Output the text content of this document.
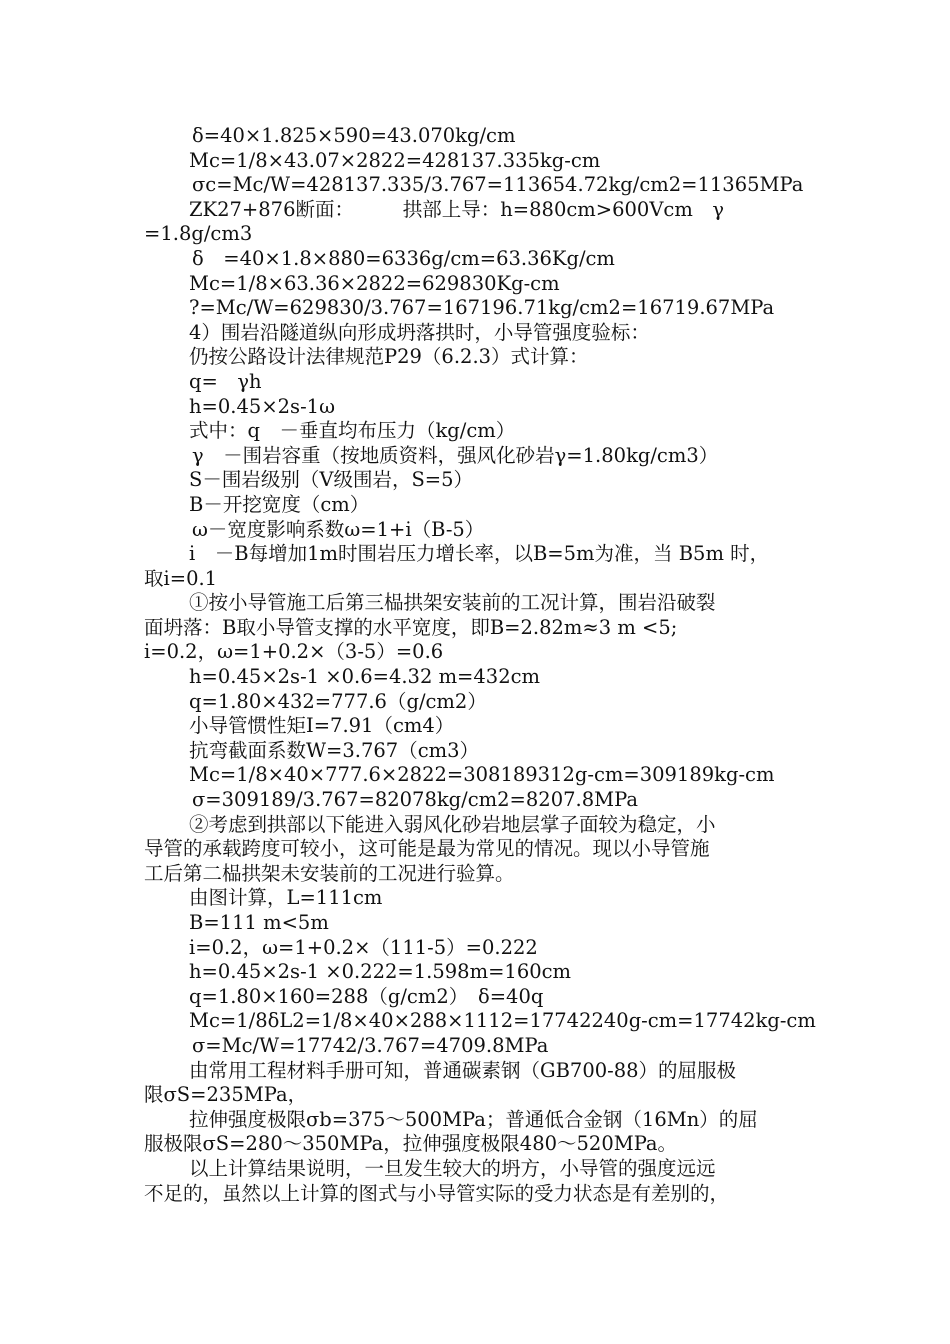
δ=40×1.825×590=43.070kg/cm
Mc=1/8×43.07×2822=428137.335kg-cm
σc=Mc/W=428137.335/3.767=113654.72kg/cm2=11365MPa
ZK27+876断面：　　　拱部上导：h=880cm>600Vcm　γ
=1.8g/cm3
δ　=40×1.8×880=6336g/cm=63.36Kg/cm
Mc=1/8×63.36×2822=629830Kg-cm
?=Mc/W=629830/3.767=167196.71kg/cm2=16719.67MPa
4）围岩沿隧道纵向形成坍落拱时，小导管强度验标：
仍按公路设计法律规范P29（6.2.3）式计算：
q=　γh
h=0.45×2s-1ω
式中：q　－垂直均布压力（kg/cm）
γ　－围岩容重（按地质资料，强风化砂岩γ=1.80kg/cm3）
S－围岩级别（Ⅴ级围岩，S=5）
B－开挖宽度（cm）
ω－宽度影响系数ω=1+i（B-5）
i　－B每增加1m时围岩压力增长率，以B=5m为准，当 B5m 时，
取i=0.1
①按小导管施工后第三榀拱架安装前的工况计算，围岩沿破裂
面坍落：B取小导管支撑的水平宽度，即B=2.82m≈3 m <5;
i=0.2，ω=1+0.2×（3-5）=0.6
h=0.45×2s-1 ×0.6=4.32 m=432cm
q=1.80×432=777.6（g/cm2）
小导管惯性矩I=7.91（cm4）
抗弯截面系数W=3.767（cm3）
Mc=1/8×40×777.6×2822=308189312g-cm=309189kg-cm
σ=309189/3.767=82078kg/cm2=8207.8MPa
②考虑到拱部以下能进入弱风化砂岩地层掌子面较为稳定，小
导管的承载跨度可较小，这可能是最为常见的情况。现以小导管施
工后第二榀拱架未安装前的工况进行验算。
由图计算，L=111cm
B=111 m<5m
i=0.2，ω=1+0.2×（111-5）=0.222
h=0.45×2s-1 ×0.222=1.598m=160cm
q=1.80×160=288（g/cm2）　δ=40q
Mc=1/8δL2=1/8×40×288×1112=17742240g-cm=17742kg-cm
σ=Mc/W=17742/3.767=4709.8MPa
由常用工程材料手册可知，普通碳素钢（GB700-88）的屈服极
限σS=235MPa，
拉伸强度极限σb=375～500MPa；普通低合金钢（16Mn）的屈
服极限σS=280～350MPa，拉伸强度极限480～520MPa。
以上计算结果说明，一旦发生较大的坍方，小导管的强度远远
不足的，虽然以上计算的图式与小导管实际的受力状态是有差别的，
